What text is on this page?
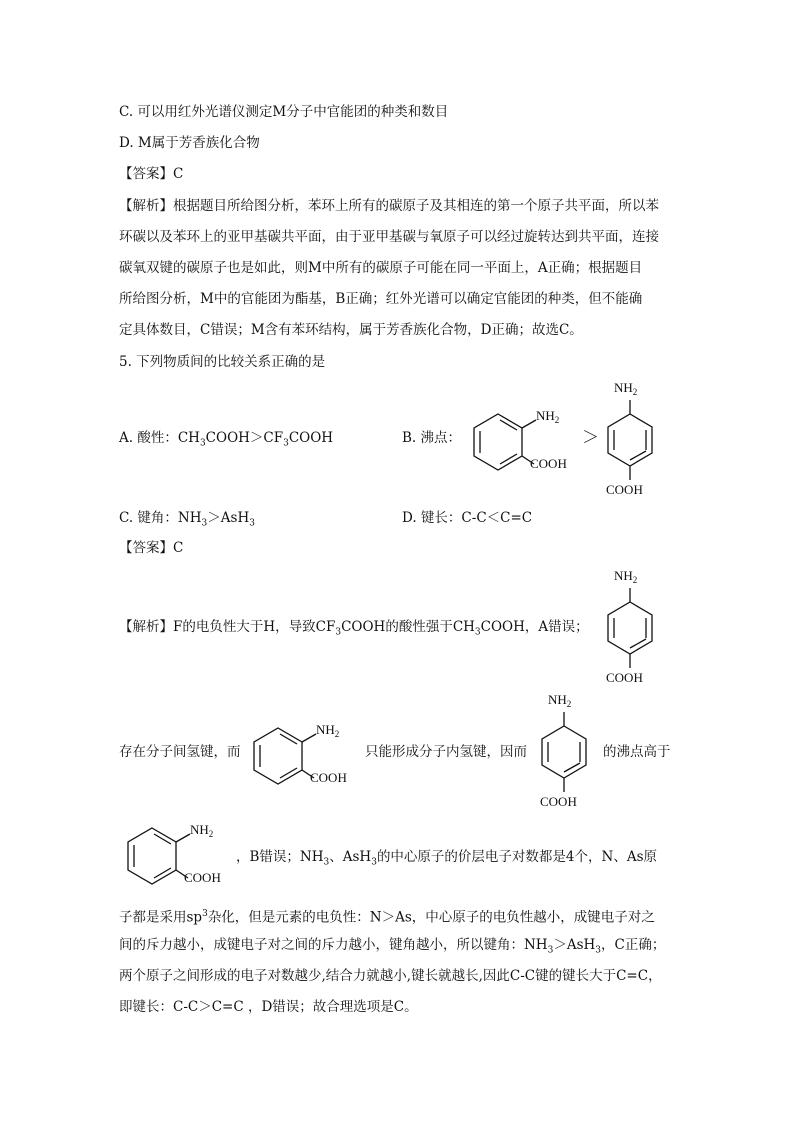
C. 可以用红外光谱仪测定M分子中官能团的种类和数目
D. M属于芳香族化合物
【答案】C
【解析】根据题目所给图分析，苯环上所有的碳原子及其相连的第一个原子共平面，所以苯
环碳以及苯环上的亚甲基碳共平面，由于亚甲基碳与氧原子可以经过旋转达到共平面，连接
碳氧双键的碳原子也是如此，则M中所有的碳原子可能在同一平面上，A正确；根据题目
所给图分析，M中的官能团为酯基，B正确；红外光谱可以确定官能团的种类，但不能确
定具体数目，C错误；M含有苯环结构，属于芳香族化合物，D正确；故选C。
5. 下列物质间的比较关系正确的是
A. 酸性：$CH_3COOH>CF_3COOH$	B. 沸点：
$NH_2$
COOH
＞
$NH_2$
COOH
C. 键角：$NH_3>AsH_3$	D. 键长：C-C＜C=C
【答案】C
【解析】F的电负性大于H，导致$CF_3COOH$的酸性强于$CH_3COOH$，A错误；
$NH_2$
COOH
存在分子间氢键，而
$NH_2$
COOH
只能形成分子内氢键，因而
$NH_2$
COOH
的沸点高于
$NH_2$
COOH
，B错误；$NH_3$、AsH$_3$的中心原子的价层电子对数都是4个，N、As原
子都是采用$sp^3$杂化，但是元素的电负性：N＞As，中心原子的电负性越小，成键电子对之
间的斥力越小，成键电子对之间的斥力越小，键角越小，所以键角：$NH_3>AsH_3$，C正确；
两个原子之间形成的电子对数越少,结合力就越小,键长就越长,因此C-C键的键长大于C=C，
即键长：C-C＞C=C ，D错误；故合理选项是C。
